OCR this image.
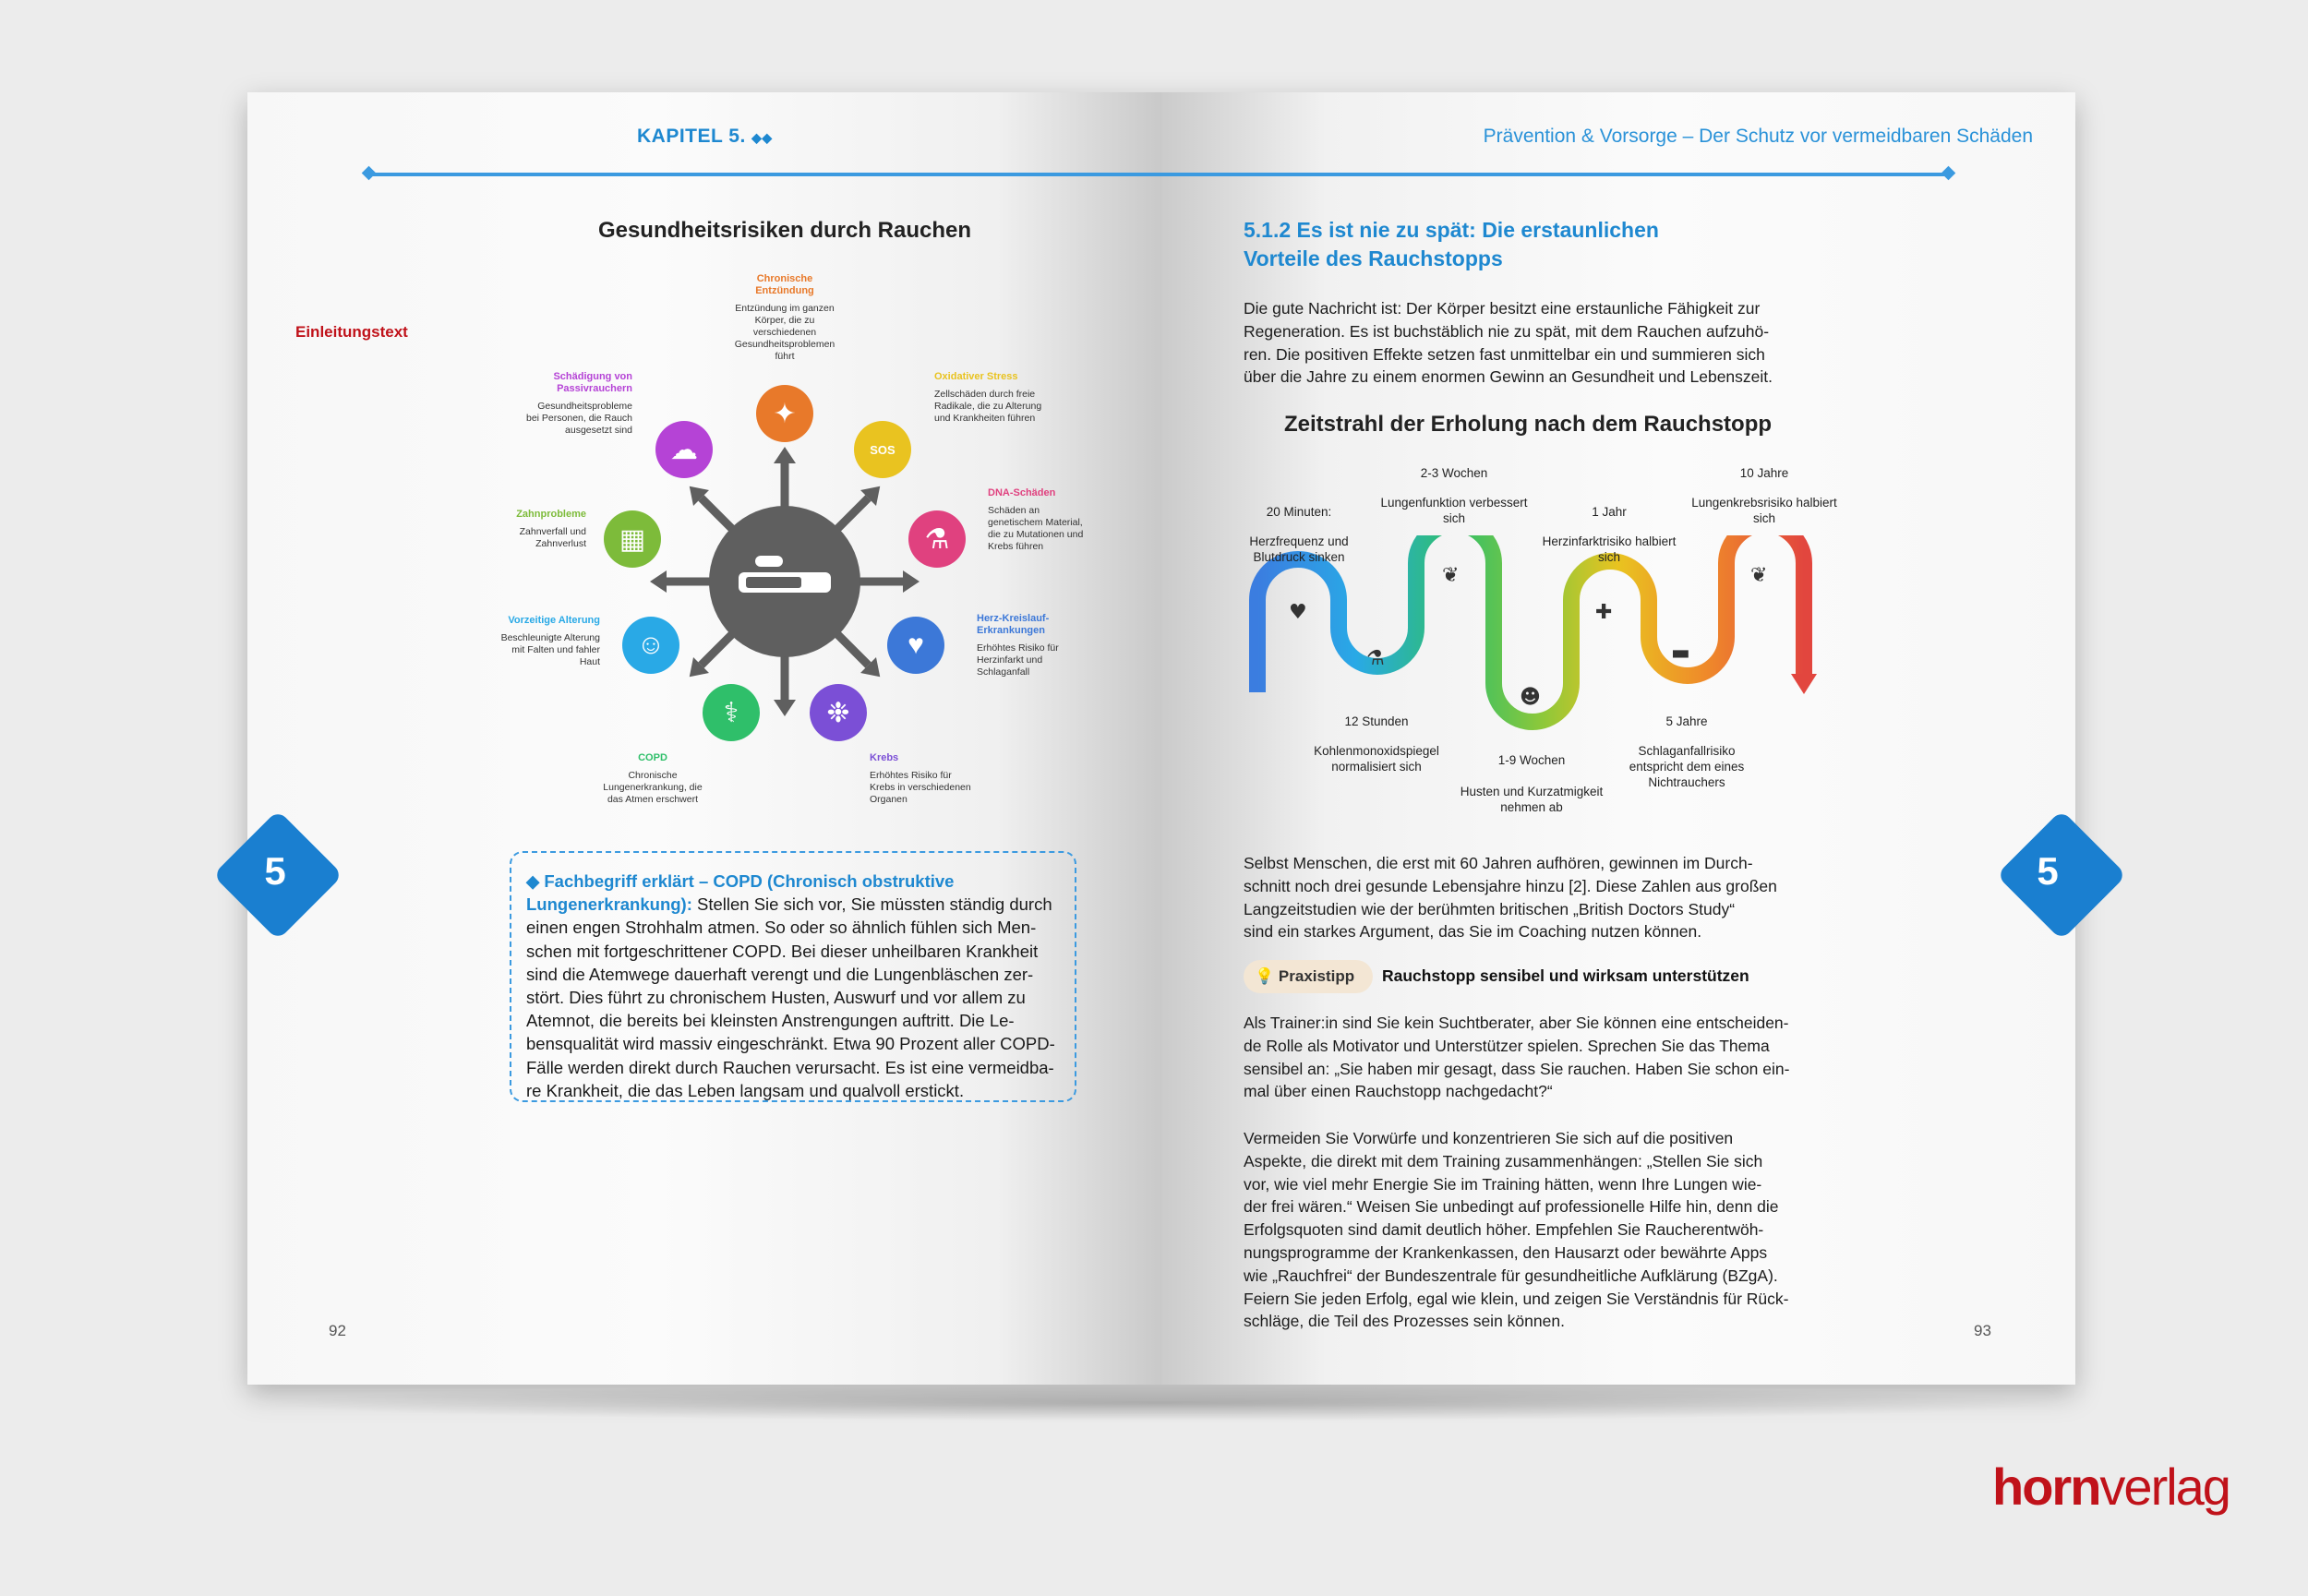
KAPITEL 5. ◆◆	Prävention & Vorsorge – Der Schutz vor vermeidbaren Schäden
Gesundheitsrisiken durch Rauchen
Einleitungstext
✦
Chronische Entzündung
Entzündung im ganzen Körper, die zu verschiedenen Gesundheitsproblemen führt
SOS
Oxidativer Stress
Zellschäden durch freie Radikale, die zu Alterung und Krankheiten führen
⚗
DNA-Schäden
Schäden an genetischem Material, die zu Mutationen und Krebs führen
♥
Herz-Kreislauf-Erkrankungen
Erhöhtes Risiko für Herzinfarkt und Schlaganfall
❉
Krebs
Erhöhtes Risiko für Krebs in verschiedenen Organen
⚕
COPD
Chronische Lungenerkrankung, die das Atmen erschwert
☺
Vorzeitige Alterung
Beschleunigte Alterung mit Falten und fahler Haut
▦
Zahnprobleme
Zahnverfall und Zahnverlust
☁
Schädigung von Passivrauchern
Gesundheitsprobleme bei Personen, die Rauch ausgesetzt sind
5	◆ Fachbegriff erklärt – COPD (Chronisch obstruktive Lungenerkrankung): Stellen Sie sich vor, Sie müssten ständig durch
einen engen Strohhalm atmen. So oder so ähnlich fühlen sich Men-
schen mit fortgeschrittener COPD. Bei dieser unheilbaren Krankheit
sind die Atemwege dauerhaft verengt und die Lungenbläschen zer-
stört. Dies führt zu chronischem Husten, Auswurf und vor allem zu
Atemnot, die bereits bei kleinsten Anstrengungen auftritt. Die Le-
bensqualität wird massiv eingeschränkt. Etwa 90 Prozent aller COPD-
Fälle werden direkt durch Rauchen verursacht. Es ist eine vermeidba-
re Krankheit, die das Leben langsam und qualvoll erstickt.
92
5.1.2 Es ist nie zu spät: Die erstaunlichen
Vorteile des Rauchstopps
Die gute Nachricht ist: Der Körper besitzt eine erstaunliche Fähigkeit zur
Regeneration. Es ist buchstäblich nie zu spät, mit dem Rauchen aufzuhö-
ren. Die positiven Effekte setzen fast unmittelbar ein und summieren sich
über die Jahre zu einem enormen Gewinn an Gesundheit und Lebenszeit.
Zeitstrahl der Erholung nach dem Rauchstopp
♥
⚗
❦
☻
✚
▬
❦
20 Minuten:
Herzfrequenz und Blutdruck sinken
12 Stunden
Kohlenmonoxidspiegel normalisiert sich
2-3 Wochen
Lungenfunktion verbessert sich
1-9 Wochen
Husten und Kurzatmigkeit nehmen ab
1 Jahr
Herzinfarktrisiko halbiert sich
5 Jahre
Schlaganfallrisiko entspricht dem eines Nichtrauchers
10 Jahre
Lungenkrebsrisiko halbiert sich
Selbst Menschen, die erst mit 60 Jahren aufhören, gewinnen im Durch-
schnitt noch drei gesunde Lebensjahre hinzu [2]. Diese Zahlen aus großen
Langzeitstudien wie der berühmten britischen „British Doctors Study“
sind ein starkes Argument, das Sie im Coaching nutzen können.
💡 Praxistipp	Rauchstopp sensibel und wirksam unterstützen
Als Trainer:in sind Sie kein Suchtberater, aber Sie können eine entscheiden-
de Rolle als Motivator und Unterstützer spielen. Sprechen Sie das Thema
sensibel an: „Sie haben mir gesagt, dass Sie rauchen. Haben Sie schon ein-
mal über einen Rauchstopp nachgedacht?“
Vermeiden Sie Vorwürfe und konzentrieren Sie sich auf die positiven
Aspekte, die direkt mit dem Training zusammenhängen: „Stellen Sie sich
vor, wie viel mehr Energie Sie im Training hätten, wenn Ihre Lungen wie-
der frei wären.“ Weisen Sie unbedingt auf professionelle Hilfe hin, denn die
Erfolgsquoten sind damit deutlich höher. Empfehlen Sie Raucherentwöh-
nungsprogramme der Krankenkassen, den Hausarzt oder bewährte Apps
wie „Rauchfrei“ der Bundeszentrale für gesundheitliche Aufklärung (BZgA).
Feiern Sie jeden Erfolg, egal wie klein, und zeigen Sie Verständnis für Rück-
schläge, die Teil des Prozesses sein können.
93
5
hornverlag
